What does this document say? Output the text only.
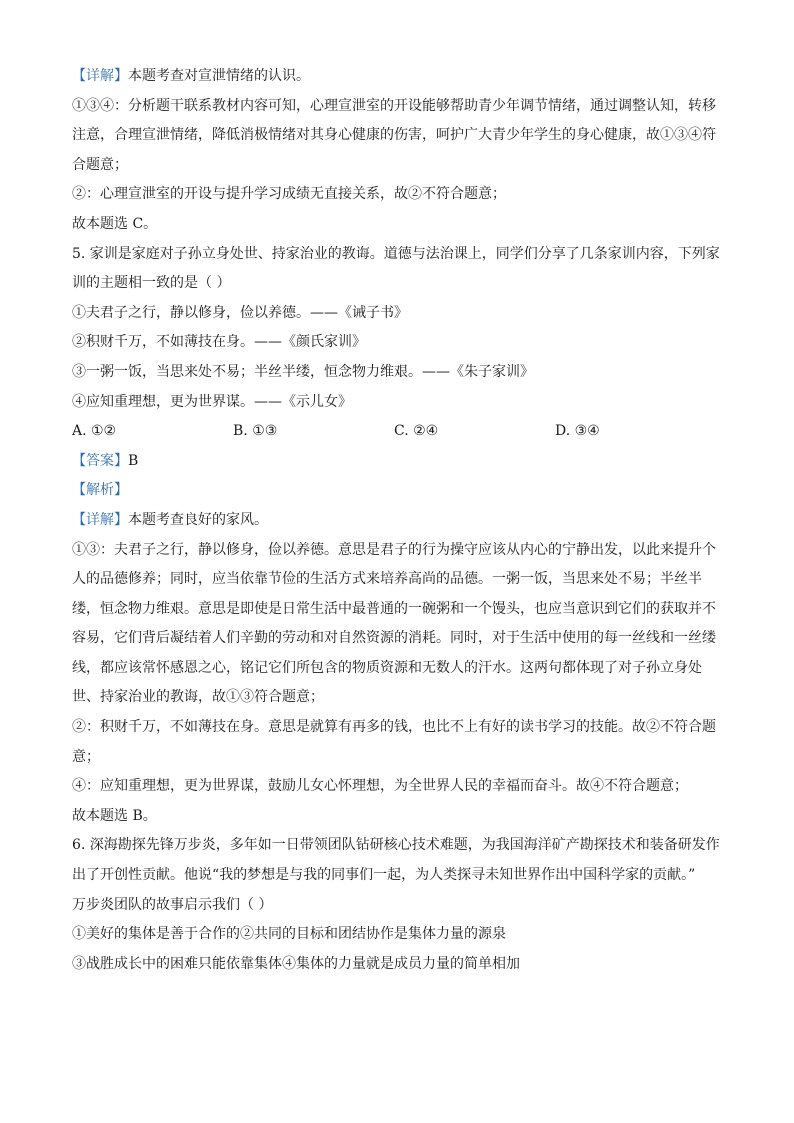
【详解】本题考查对宣泄情绪的认识。
①③④：分析题干联系教材内容可知，心理宣泄室的开设能够帮助青少年调节情绪，通过调整认知，转移
注意，合理宣泄情绪，降低消极情绪对其身心健康的伤害，呵护广大青少年学生的身心健康，故①③④符
合题意；
②：心理宣泄室的开设与提升学习成绩无直接关系，故②不符合题意；
故本题选 C。
5. 家训是家庭对子孙立身处世、持家治业的教诲。道德与法治课上，同学们分享了几条家训内容，下列家
训的主题相一致的是（ ）
①夫君子之行，静以修身，俭以养德。——《诫子书》
②积财千万，不如薄技在身。——《颜氏家训》
③一粥一饭，当思来处不易；半丝半缕，恒念物力维艰。——《朱子家训》
④应知重理想，更为世界谋。——《示儿女》
A. ①②	B. ①③	C. ②④	D. ③④
【答案】B
【解析】
【详解】本题考查良好的家风。
①③：夫君子之行，静以修身，俭以养德。意思是君子的行为操守应该从内心的宁静出发，以此来提升个
人的品德修养；同时，应当依靠节俭的生活方式来培养高尚的品德。一粥一饭，当思来处不易；半丝半
缕，恒念物力维艰。意思是即使是日常生活中最普通的一碗粥和一个馒头，也应当意识到它们的获取并不
容易，它们背后凝结着人们辛勤的劳动和对自然资源的消耗。同时，对于生活中使用的每一丝线和一丝缕
线，都应该常怀感恩之心，铭记它们所包含的物质资源和无数人的汗水。这两句都体现了对子孙立身处
世、持家治业的教诲，故①③符合题意；
②：积财千万，不如薄技在身。意思是就算有再多的钱，也比不上有好的读书学习的技能。故②不符合题
意；
④：应知重理想，更为世界谋，鼓励儿女心怀理想，为全世界人民的幸福而奋斗。故④不符合题意；
故本题选 B。
6. 深海勘探先锋万步炎，多年如一日带领团队钻研核心技术难题，为我国海洋矿产勘探技术和装备研发作
出了开创性贡献。他说“我的梦想是与我的同事们一起，为人类探寻未知世界作出中国科学家的贡献。”
万步炎团队的故事启示我们（ ）
①美好的集体是善于合作的②共同的目标和团结协作是集体力量的源泉
③战胜成长中的困难只能依靠集体④集体的力量就是成员力量的简单相加
